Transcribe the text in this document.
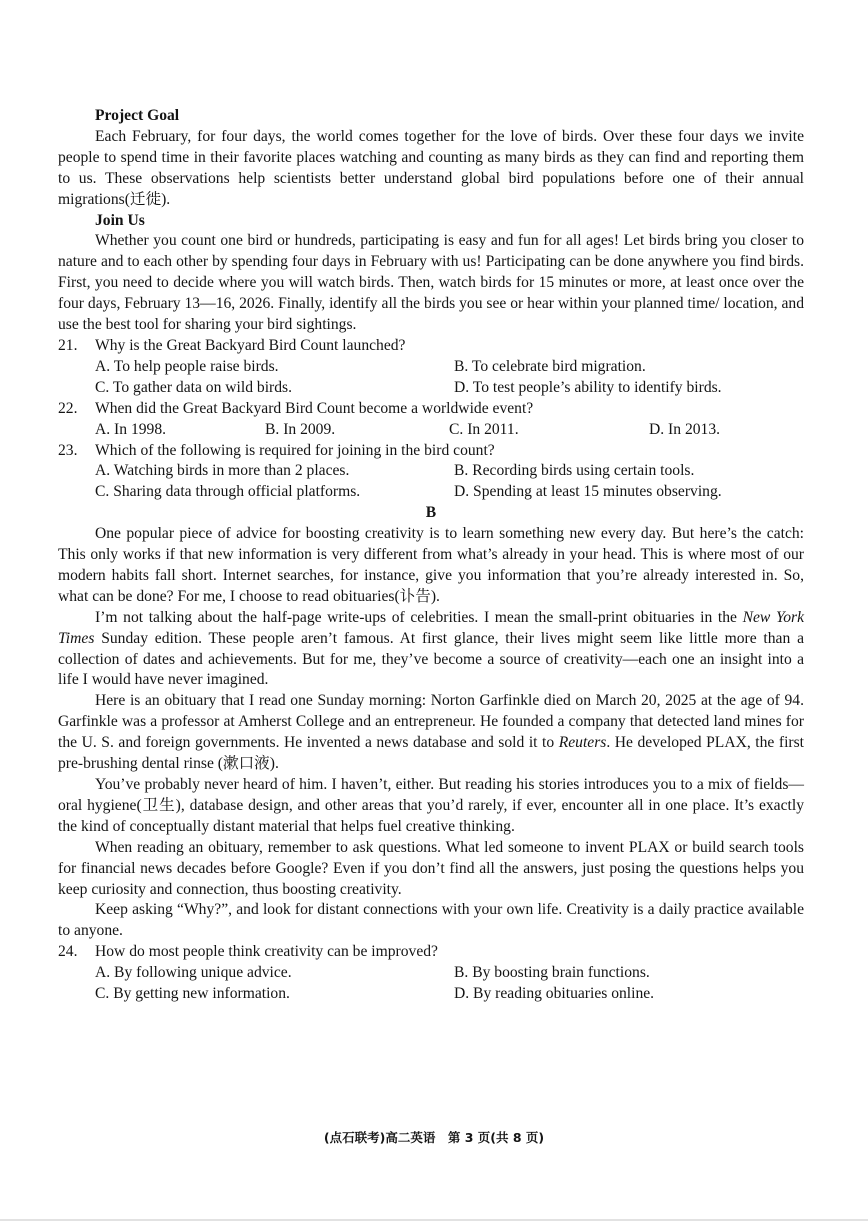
Project Goal

Each February, for four days, the world comes together for the love of birds. Over these four days we invite people to spend time in their favorite places watching and counting as many birds as they can find and reporting them to us. These observations help scientists better understand global bird populations before one of their annual migrations(迁徙).

Join Us

Whether you count one bird or hundreds, participating is easy and fun for all ages! Let birds bring you closer to nature and to each other by spending four days in February with us! Participating can be done anywhere you find birds. First, you need to decide where you will watch birds. Then, watch birds for 15 minutes or more, at least once over the four days, February 13—16, 2026. Finally, identify all the birds you see or hear within your planned time/ location, and use the best tool for sharing your bird sightings.

21.	Why is the Great Backyard Bird Count launched?
A. To help people raise birds.	B. To celebrate bird migration.
C. To gather data on wild birds.	D. To test people’s ability to identify birds.
22.	When did the Great Backyard Bird Count become a worldwide event?
A. In 1998.	B. In 2009.	C. In 2011.	D. In 2013.
23.	Which of the following is required for joining in the bird count?
A. Watching birds in more than 2 places.	B. Recording birds using certain tools.
C. Sharing data through official platforms.	D. Spending at least 15 minutes observing.

B

One popular piece of advice for boosting creativity is to learn something new every day. But here’s the catch: This only works if that new information is very different from what’s already in your head. This is where most of our modern habits fall short. Internet searches, for instance, give you information that you’re already interested in. So, what can be done? For me, I choose to read obituaries(讣告).

I’m not talking about the half-page write-ups of celebrities. I mean the small-print obituaries in the New York Times Sunday edition. These people aren’t famous. At first glance, their lives might seem like little more than a collection of dates and achievements. But for me, they’ve become a source of creativity—each one an insight into a life I would have never imagined.

Here is an obituary that I read one Sunday morning: Norton Garfinkle died on March 20, 2025 at the age of 94. Garfinkle was a professor at Amherst College and an entrepreneur. He founded a company that detected land mines for the U. S. and foreign governments. He invented a news database and sold it to Reuters. He developed PLAX, the first pre-brushing dental rinse (漱口液).

You’ve probably never heard of him. I haven’t, either. But reading his stories introduces you to a mix of fields—oral hygiene(卫生), database design, and other areas that you’d rarely, if ever, encounter all in one place. It’s exactly the kind of conceptually distant material that helps fuel creative thinking.

When reading an obituary, remember to ask questions. What led someone to invent PLAX or build search tools for financial news decades before Google? Even if you don’t find all the answers, just posing the questions helps you keep curiosity and connection, thus boosting creativity.

Keep asking “Why?”, and look for distant connections with your own life. Creativity is a daily practice available to anyone.

24.	How do most people think creativity can be improved?
A. By following unique advice.	B. By boosting brain functions.
C. By getting new information.	D. By reading obituaries online.
(点石联考)高二英语　第 3 页(共 8 页)
